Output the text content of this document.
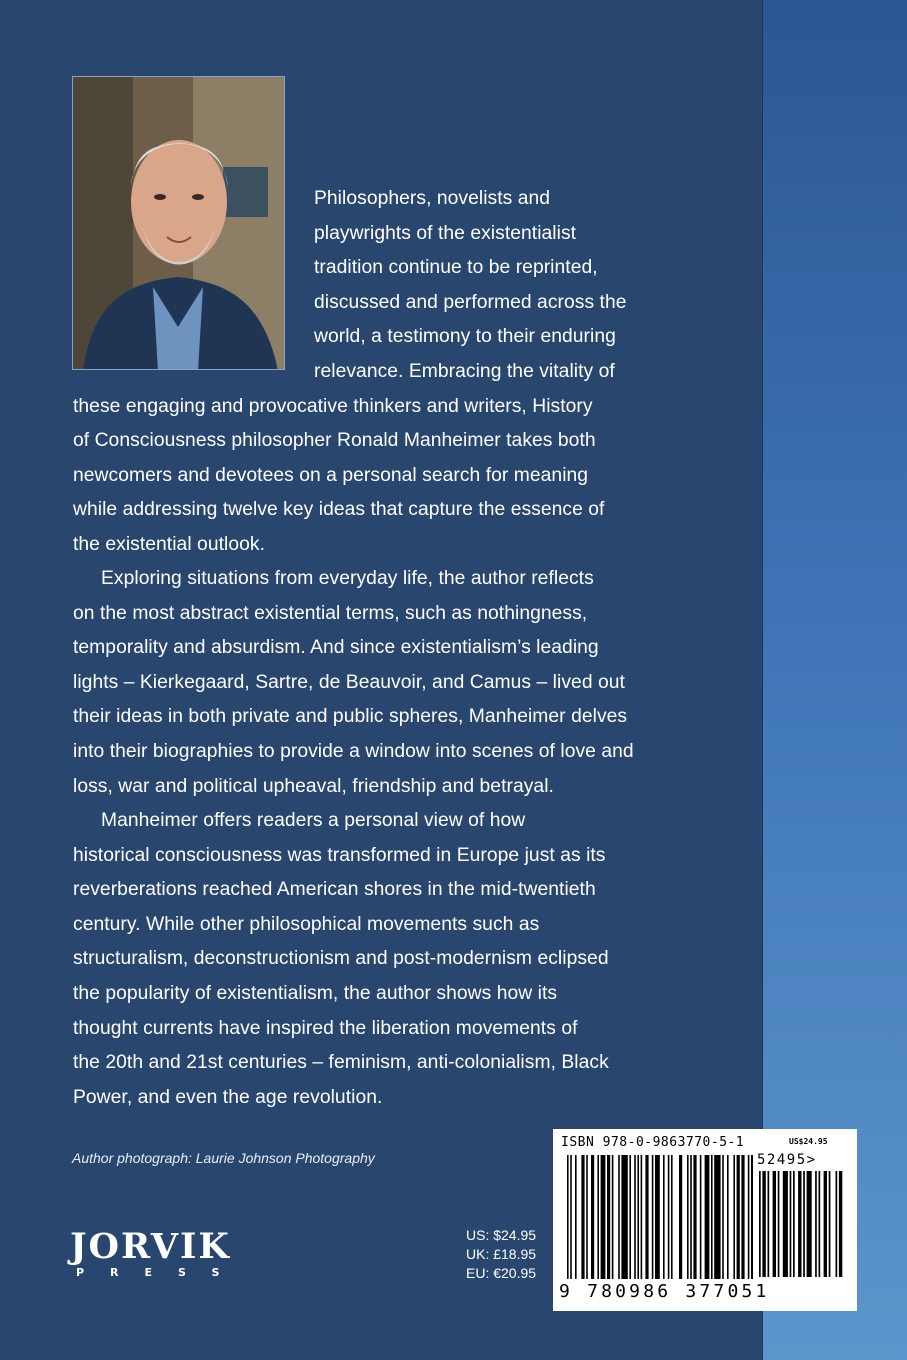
Philosophers, novelists and
playwrights of the existentialist
tradition continue to be reprinted,
discussed and performed across the
world, a testimony to their enduring
relevance. Embracing the vitality of
these engaging and provocative thinkers and writers, History
of Consciousness philosopher Ronald Manheimer takes both
newcomers and devotees on a personal search for meaning
while addressing twelve key ideas that capture the essence of
the existential outlook.

Exploring situations from everyday life, the author reflects
on the most abstract existential terms, such as nothingness,
temporality and absurdism. And since existentialism’s leading
lights – Kierkegaard, Sartre, de Beauvoir, and Camus – lived out
their ideas in both private and public spheres, Manheimer delves
into their biographies to provide a window into scenes of love and
loss, war and political upheaval, friendship and betrayal.

Manheimer offers readers a personal view of how
historical consciousness was transformed in Europe just as its
reverberations reached American shores in the mid-twentieth
century. While other philosophical movements such as
structuralism, deconstructionism and post-modernism eclipsed
the popularity of existentialism, the author shows how its
thought currents have inspired the liberation movements of
the 20th and 21st centuries – feminism, anti-colonialism, Black
Power, and even the age revolution.

Author photograph: Laurie Johnson Photography
JORVIK
PRESS
US: $24.95
UK: £18.95
EU: €20.95
ISBN 978-0-9863770-5-1	US$24.95
52495>
9 780986 377051
